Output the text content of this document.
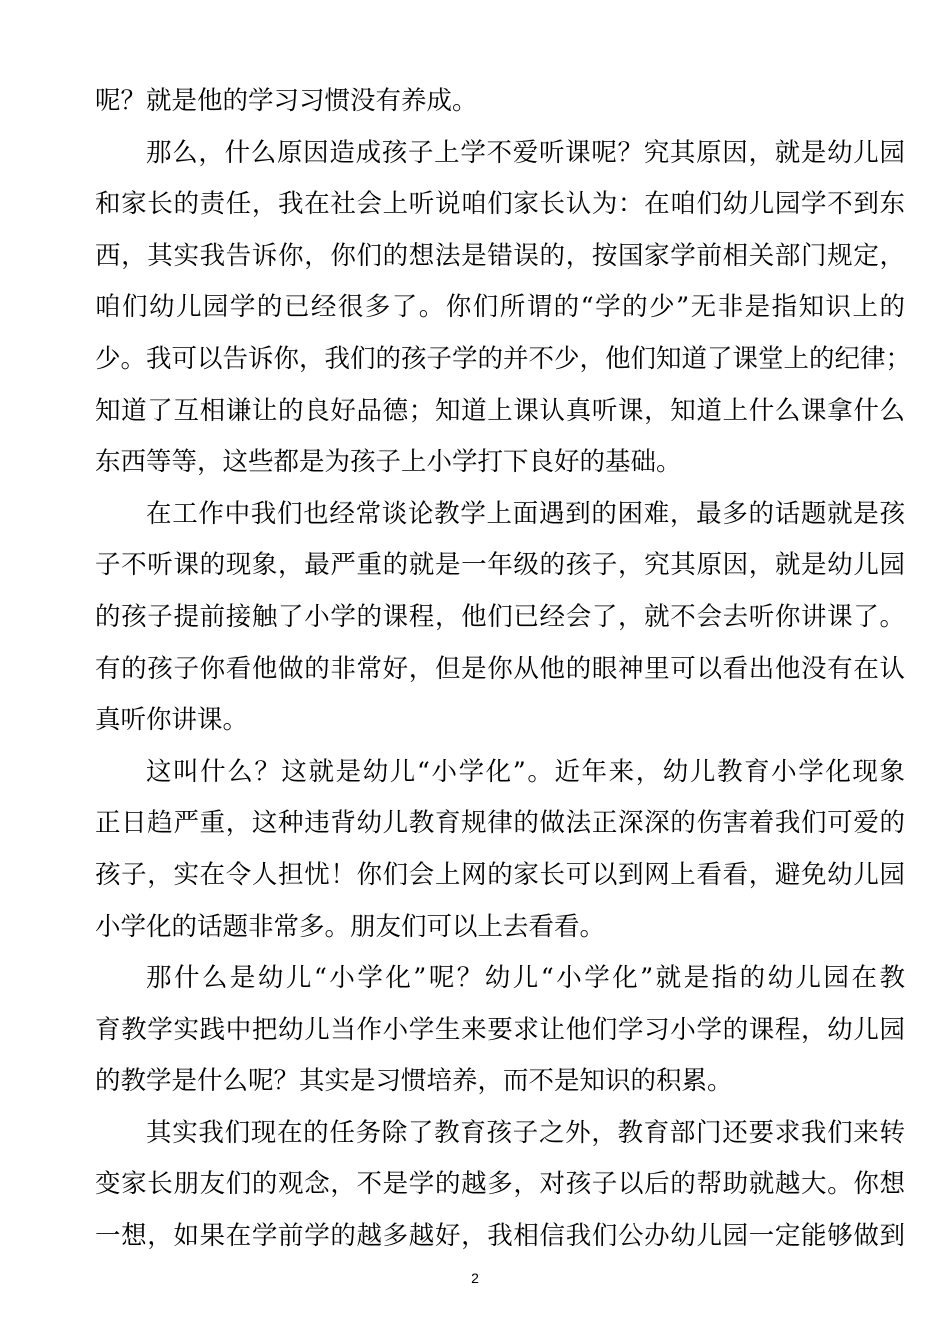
呢？就是他的学习习惯没有养成。
那么，什么原因造成孩子上学不爱听课呢？究其原因，就是幼儿园
和家长的责任，我在社会上听说咱们家长认为：在咱们幼儿园学不到东
西，其实我告诉你，你们的想法是错误的，按国家学前相关部门规定，
咱们幼儿园学的已经很多了。你们所谓的“学的少”无非是指知识上的
少。我可以告诉你，我们的孩子学的并不少，他们知道了课堂上的纪律；
知道了互相谦让的良好品德；知道上课认真听课，知道上什么课拿什么
东西等等，这些都是为孩子上小学打下良好的基础。
在工作中我们也经常谈论教学上面遇到的困难，最多的话题就是孩
子不听课的现象，最严重的就是一年级的孩子，究其原因，就是幼儿园
的孩子提前接触了小学的课程，他们已经会了，就不会去听你讲课了。
有的孩子你看他做的非常好，但是你从他的眼神里可以看出他没有在认
真听你讲课。
这叫什么？这就是幼儿“小学化”。近年来，幼儿教育小学化现象
正日趋严重，这种违背幼儿教育规律的做法正深深的伤害着我们可爱的
孩子，实在令人担忧！你们会上网的家长可以到网上看看，避免幼儿园
小学化的话题非常多。朋友们可以上去看看。
那什么是幼儿“小学化”呢？幼儿“小学化”就是指的幼儿园在教
育教学实践中把幼儿当作小学生来要求让他们学习小学的课程，幼儿园
的教学是什么呢？其实是习惯培养，而不是知识的积累。
其实我们现在的任务除了教育孩子之外，教育部门还要求我们来转
变家长朋友们的观念，不是学的越多，对孩子以后的帮助就越大。你想
一想，如果在学前学的越多越好，我相信我们公办幼儿园一定能够做到
2
